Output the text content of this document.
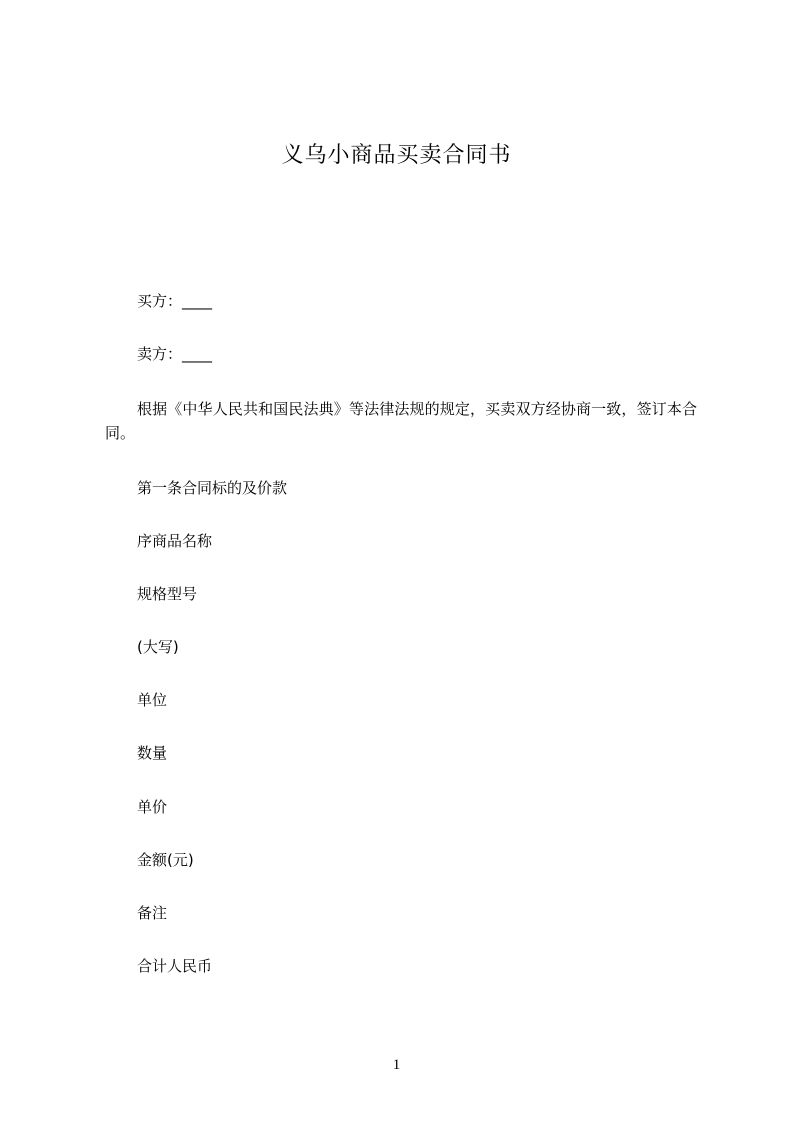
义乌小商品买卖合同书
买方：____
卖方：____
根据《中华人民共和国民法典》等法律法规的规定，买卖双方经协商一致，签订本合同。
第一条合同标的及价款
序商品名称
规格型号
(大写)
单位
数量
单价
金额(元)
备注
合计人民币
1
